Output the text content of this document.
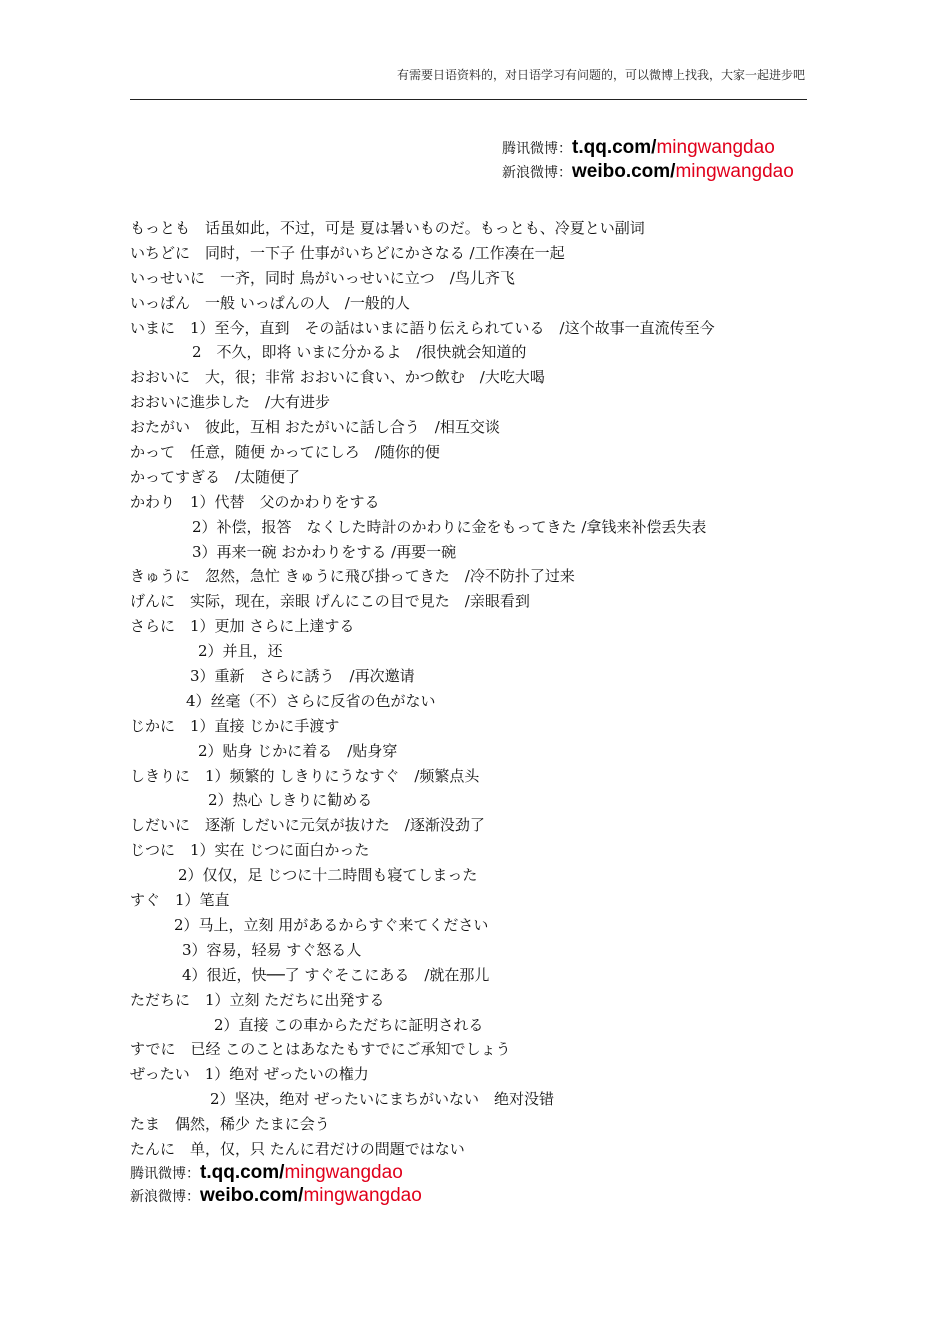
有需要日语资料的，对日语学习有问题的，可以微博上找我，大家一起进步吧
腾讯微博：t.qq.com/mingwangdao
新浪微博：weibo.com/mingwangdao
もっとも　话虽如此，不过，可是 夏は暑いものだ。もっとも、冷夏とい副词
いちどに　同时，一下子 仕事がいちどにかさなる /工作凑在一起
いっせいに　一齐，同时 鳥がいっせいに立つ　/鸟儿齐飞
いっぱん　一般 いっぱんの人　/一般的人
いまに　1）至今，直到　その話はいまに語り伝えられている　/这个故事一直流传至今
2　不久，即将 いまに分かるよ　/很快就会知道的
おおいに　大，很；非常 おおいに食い、かつ飲む　/大吃大喝
おおいに進歩した　/大有进步
おたがい　彼此，互相 おたがいに話し合う　/相互交谈
かって　任意，随便 かってにしろ　/随你的便
かってすぎる　/太随便了
かわり　1）代替　父のかわりをする
2）补偿，报答　なくした時計のかわりに金をもってきた /拿钱来补偿丢失表
3）再来一碗 おかわりをする /再要一碗
きゅうに　忽然，急忙 きゅうに飛び掛ってきた　/冷不防扑了过来
げんに　实际，现在，亲眼 げんにこの目で見た　/亲眼看到
さらに　1）更加 さらに上達する
2）并且，还
3）重新　さらに誘う　/再次邀请
4）丝毫（不）さらに反省の色がない
じかに　1）直接 じかに手渡す
2）贴身 じかに着る　/贴身穿
しきりに　1）频繁的 しきりにうなすぐ　/频繁点头
2）热心 しきりに勧める
しだいに　逐渐 しだいに元気が抜けた　/逐渐没劲了
じつに　1）实在 じつに面白かった
2）仅仅，足 じつに十二時間も寝てしまった
すぐ　1）笔直
2）马上，立刻 用があるからすぐ来てください
3）容易，轻易 すぐ怒る人
4）很近，快──了 すぐそこにある　/就在那儿
ただちに　1）立刻 ただちに出発する
2）直接 この車からただちに証明される
すでに　已经 このことはあなたもすでにご承知でしょう
ぜったい　1）绝对 ぜったいの権力
2）坚决，绝对 ぜったいにまちがいない　绝对没错
たま　偶然，稀少 たまに会う
たんに　单，仅，只 たんに君だけの問題ではない
腾讯微博：t.qq.com/mingwangdao
新浪微博：weibo.com/mingwangdao
